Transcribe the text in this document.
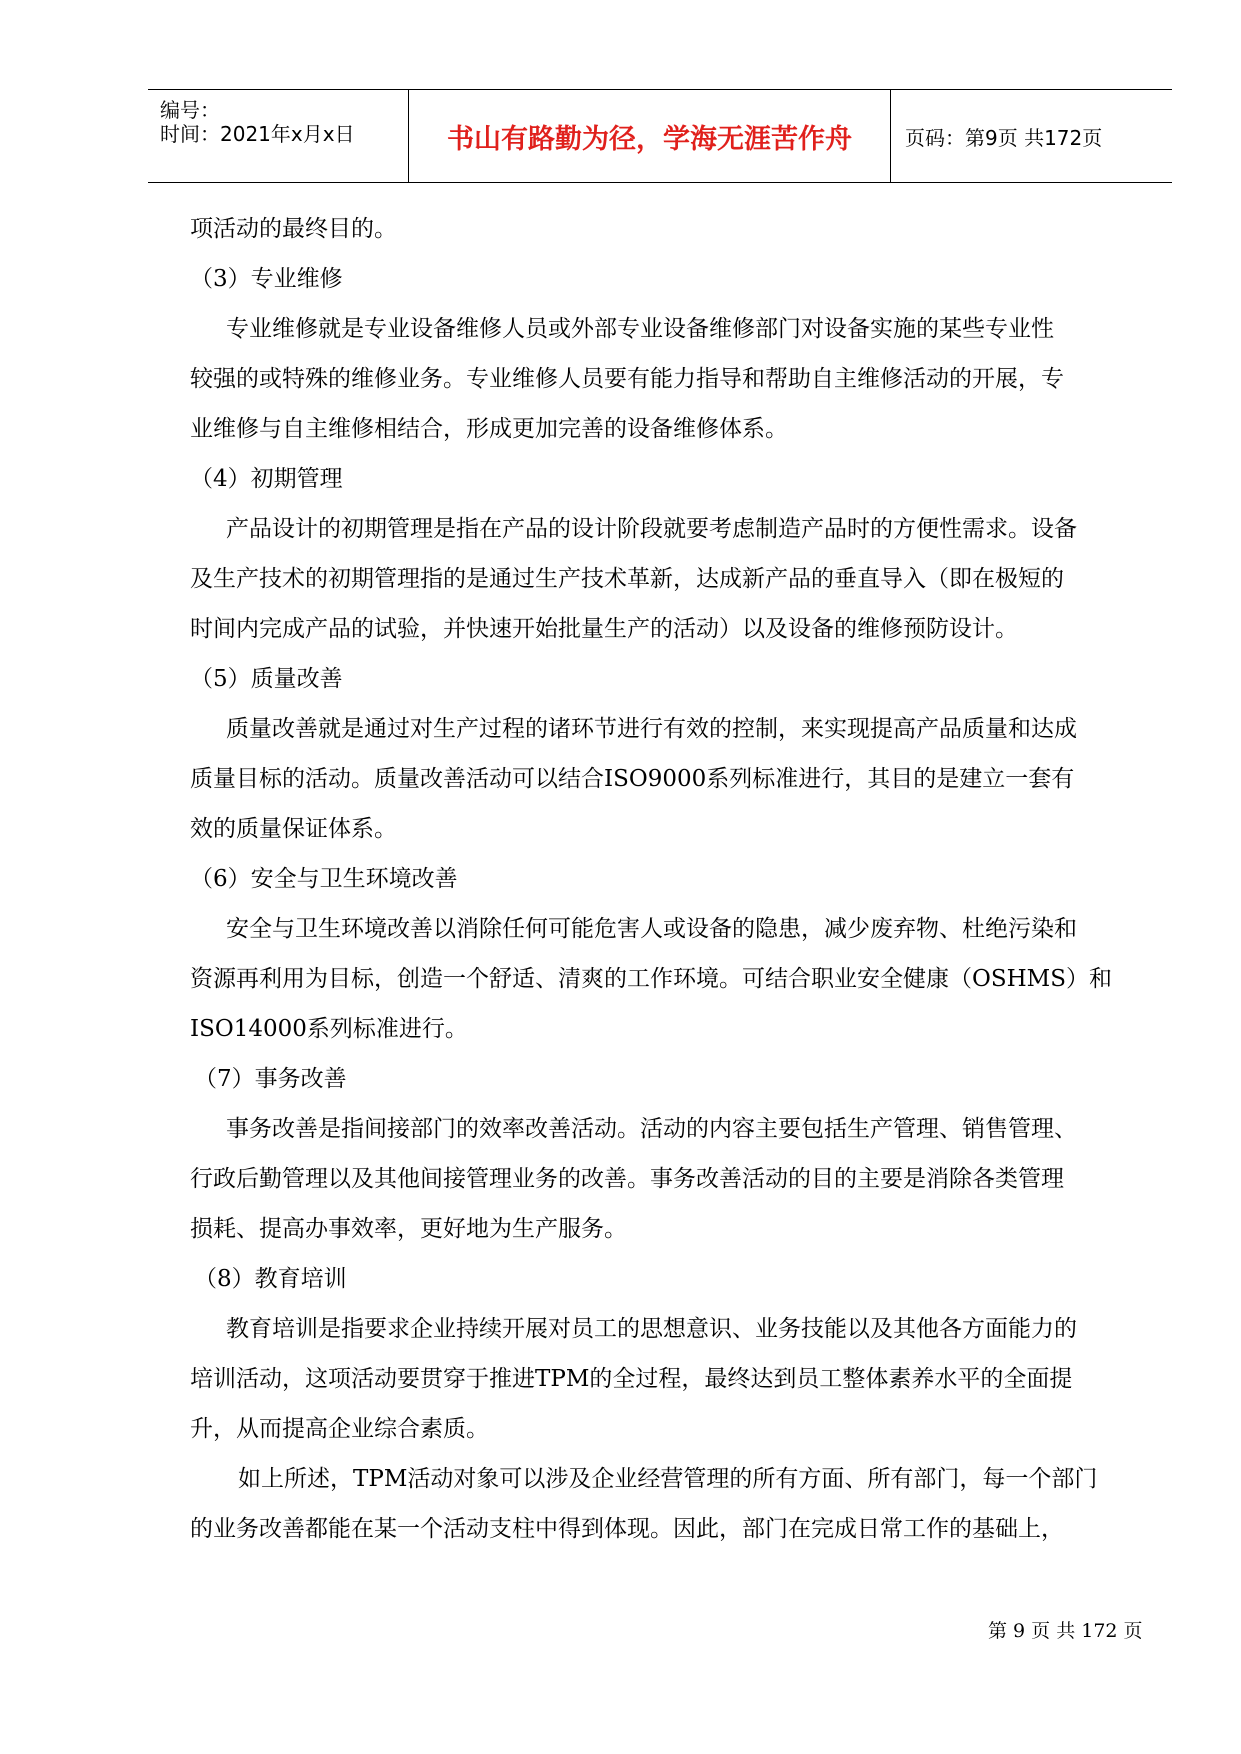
编号：
时间：2021年x月x日	书山有路勤为径，学海无涯苦作舟	页码：第9页 共172页

项活动的最终目的。

（3）专业维修

专业维修就是专业设备维修人员或外部专业设备维修部门对设备实施的某些专业性

较强的或特殊的维修业务。专业维修人员要有能力指导和帮助自主维修活动的开展，专

业维修与自主维修相结合，形成更加完善的设备维修体系。

（4）初期管理

产品设计的初期管理是指在产品的设计阶段就要考虑制造产品时的方便性需求。设备

及生产技术的初期管理指的是通过生产技术革新，达成新产品的垂直导入（即在极短的

时间内完成产品的试验，并快速开始批量生产的活动）以及设备的维修预防设计。

（5）质量改善

质量改善就是通过对生产过程的诸环节进行有效的控制，来实现提高产品质量和达成

质量目标的活动。质量改善活动可以结合ISO9000系列标准进行，其目的是建立一套有

效的质量保证体系。

（6）安全与卫生环境改善

安全与卫生环境改善以消除任何可能危害人或设备的隐患，减少废弃物、杜绝污染和

资源再利用为目标，创造一个舒适、清爽的工作环境。可结合职业安全健康（OSHMS）和

ISO14000系列标准进行。

（7）事务改善

事务改善是指间接部门的效率改善活动。活动的内容主要包括生产管理、销售管理、

行政后勤管理以及其他间接管理业务的改善。事务改善活动的目的主要是消除各类管理

损耗、提高办事效率，更好地为生产服务。

（8）教育培训

教育培训是指要求企业持续开展对员工的思想意识、业务技能以及其他各方面能力的

培训活动，这项活动要贯穿于推进TPM的全过程，最终达到员工整体素养水平的全面提

升，从而提高企业综合素质。

如上所述，TPM活动对象可以涉及企业经营管理的所有方面、所有部门，每一个部门

的业务改善都能在某一个活动支柱中得到体现。因此，部门在完成日常工作的基础上，

第 9 页 共 172 页
